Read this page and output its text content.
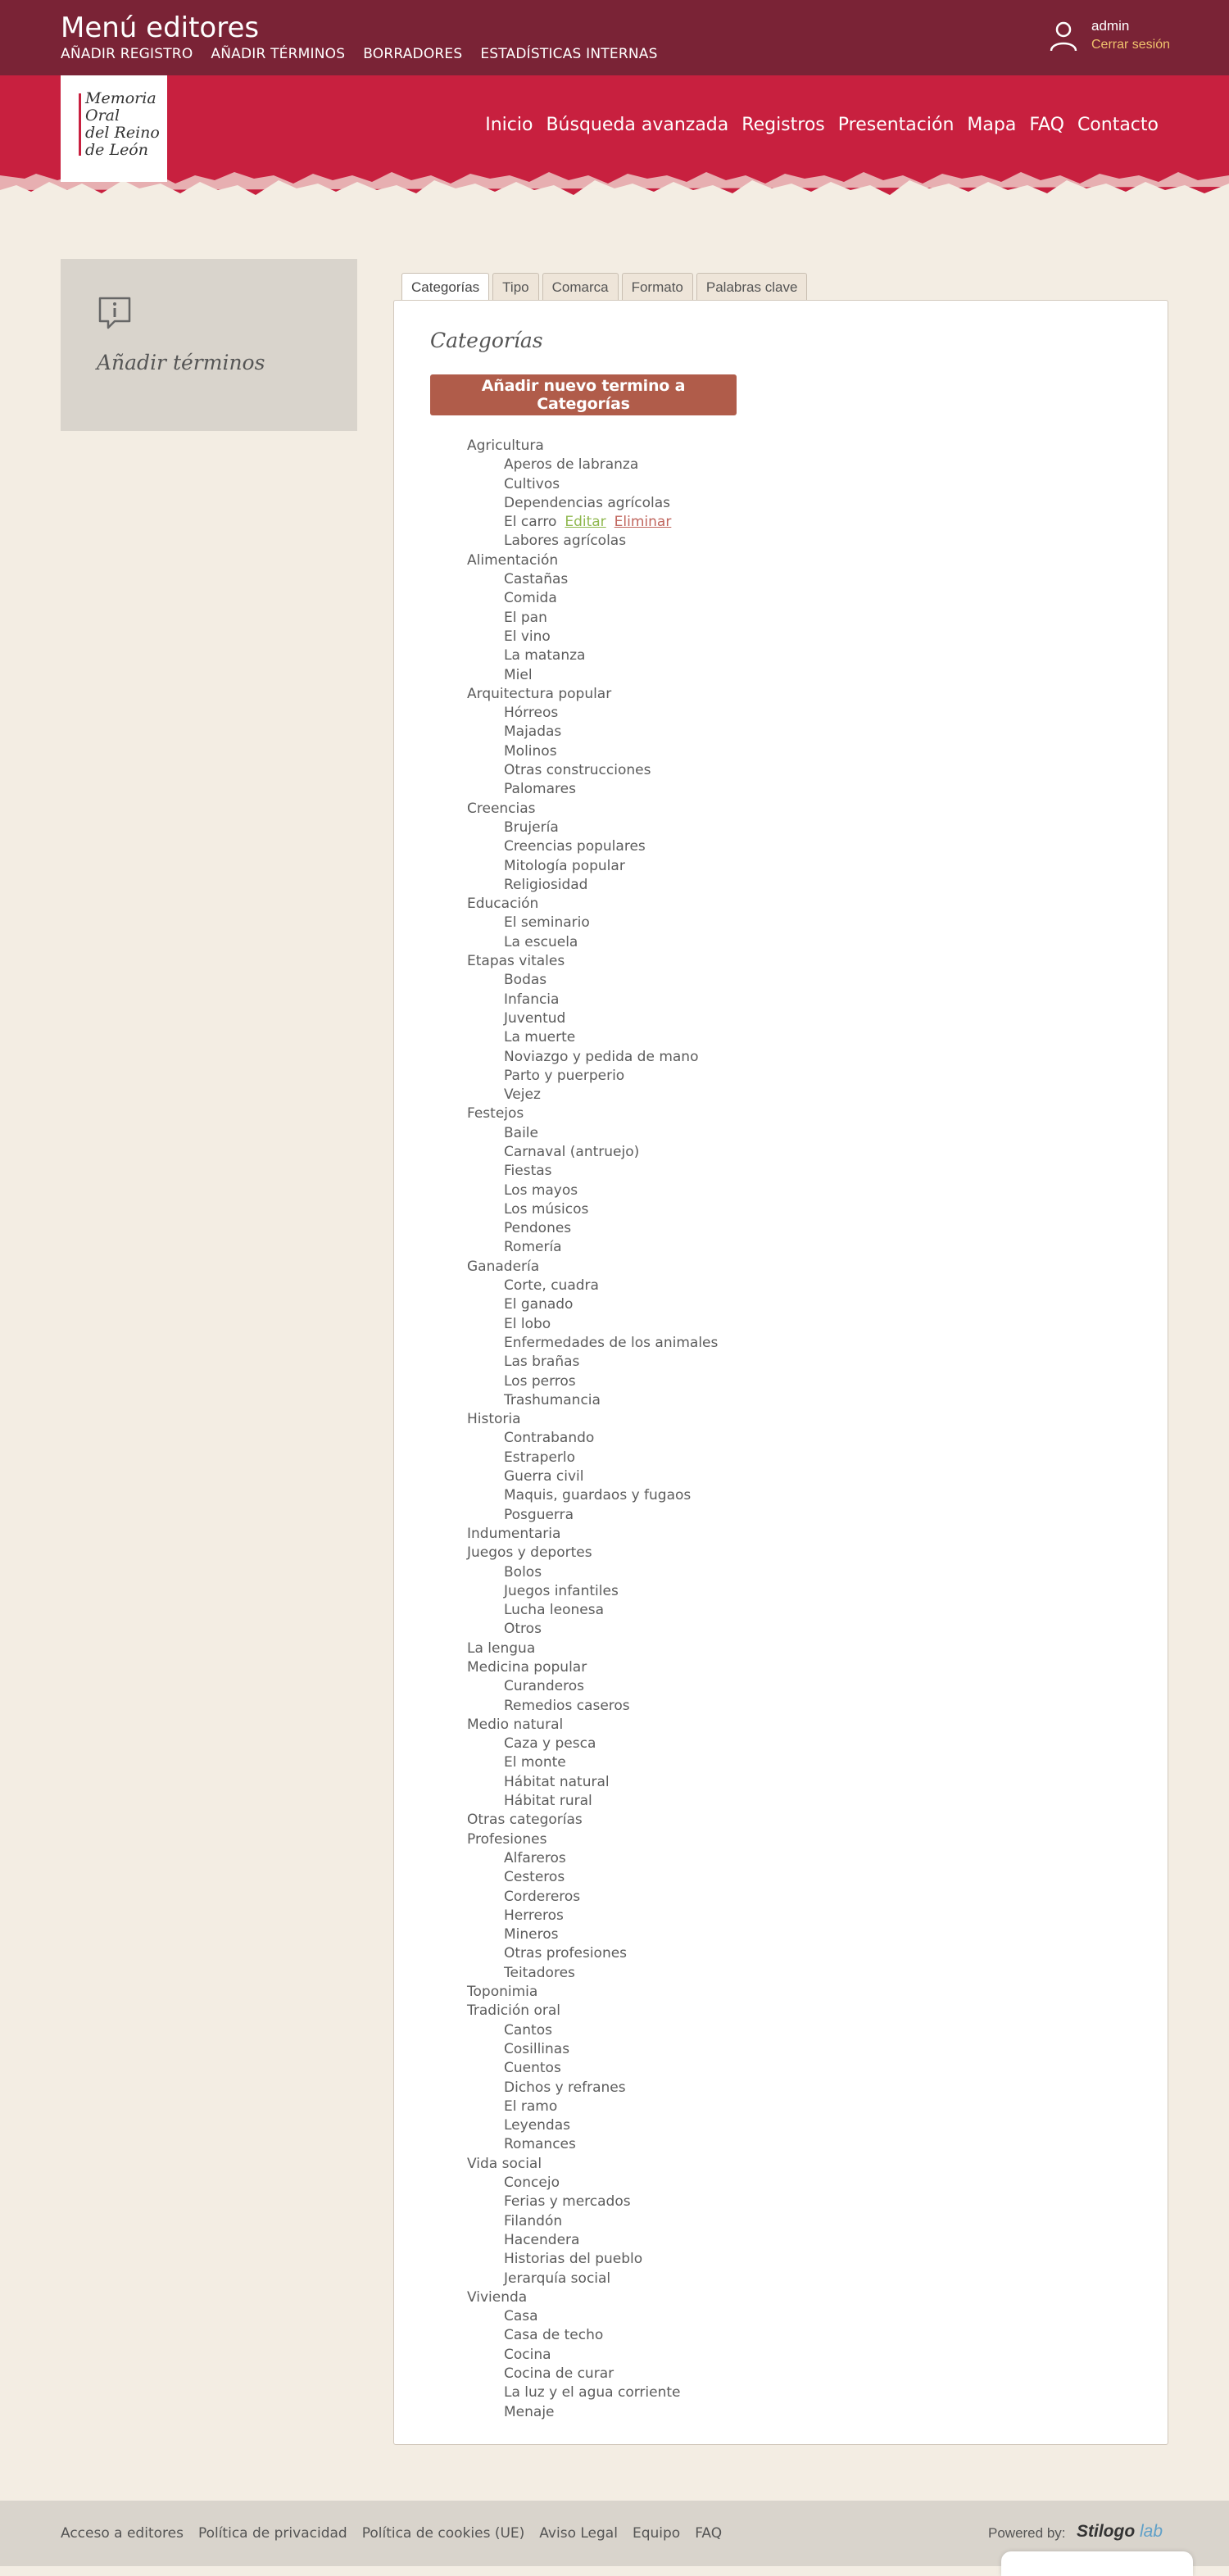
Menú editores
AÑADIR REGISTRO AÑADIR TÉRMINOS BORRADORES ESTADÍSTICAS INTERNAS
admin
Cerrar sesión
Memoria
Oral
del Reino
de León
Inicio Búsqueda avanzada Registros Presentación Mapa FAQ Contacto
Añadir términos
Categorías	Tipo	Comarca	Formato	Palabras clave
Categorías
Añadir nuevo termino a Categorías
Agricultura
Aperos de labranza
Cultivos
Dependencias agrícolas
El carro Editar Eliminar
Labores agrícolas
Alimentación
Castañas
Comida
El pan
El vino
La matanza
Miel
Arquitectura popular
Hórreos
Majadas
Molinos
Otras construcciones
Palomares
Creencias
Brujería
Creencias populares
Mitología popular
Religiosidad
Educación
El seminario
La escuela
Etapas vitales
Bodas
Infancia
Juventud
La muerte
Noviazgo y pedida de mano
Parto y puerperio
Vejez
Festejos
Baile
Carnaval (antruejo)
Fiestas
Los mayos
Los músicos
Pendones
Romería
Ganadería
Corte, cuadra
El ganado
El lobo
Enfermedades de los animales
Las brañas
Los perros
Trashumancia
Historia
Contrabando
Estraperlo
Guerra civil
Maquis, guardaos y fugaos
Posguerra
Indumentaria
Juegos y deportes
Bolos
Juegos infantiles
Lucha leonesa
Otros
La lengua
Medicina popular
Curanderos
Remedios caseros
Medio natural
Caza y pesca
El monte
Hábitat natural
Hábitat rural
Otras categorías
Profesiones
Alfareros
Cesteros
Cordereros
Herreros
Mineros
Otras profesiones
Teitadores
Toponimia
Tradición oral
Cantos
Cosillinas
Cuentos
Dichos y refranes
El ramo
Leyendas
Romances
Vida social
Concejo
Ferias y mercados
Filandón
Hacendera
Historias del pueblo
Jerarquía social
Vivienda
Casa
Casa de techo
Cocina
Cocina de curar
La luz y el agua corriente
Menaje
Acceso a editores Política de privacidad Política de cookies (UE) Aviso Legal Equipo FAQ	Powered by: Stilogo lab
